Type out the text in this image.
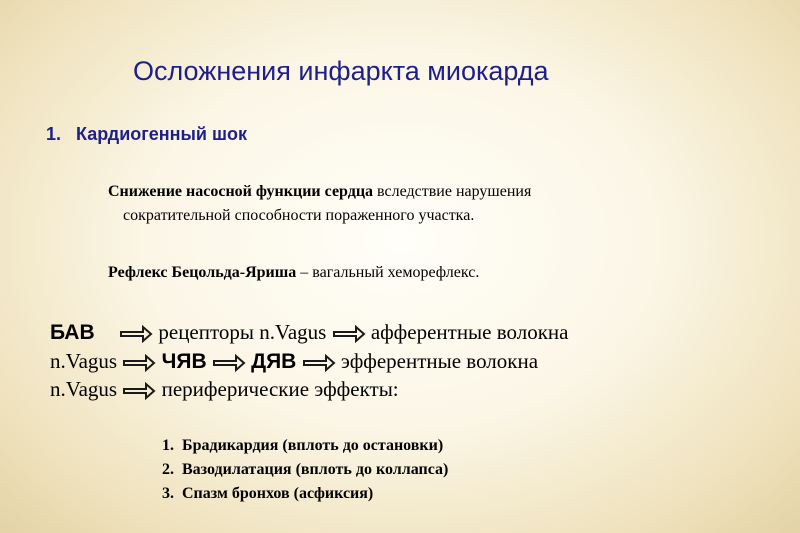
Осложнения инфаркта миокарда
1. Кардиогенный шок
Снижение насосной функции сердца вследствие нарушения
сократительной способности пораженного участка.
Рефлекс Бецольда-Яриша – вагальный хеморефлекс.
БАВ	рецепторы n.Vagus афферентные волокна
n.Vagus ЧЯВ ДЯВ эфферентные волокна
n.Vagus периферические эффекты:
1. Брадикардия (вплоть до остановки)
2. Вазодилатация (вплоть до коллапса)
3. Спазм бронхов (асфиксия)
